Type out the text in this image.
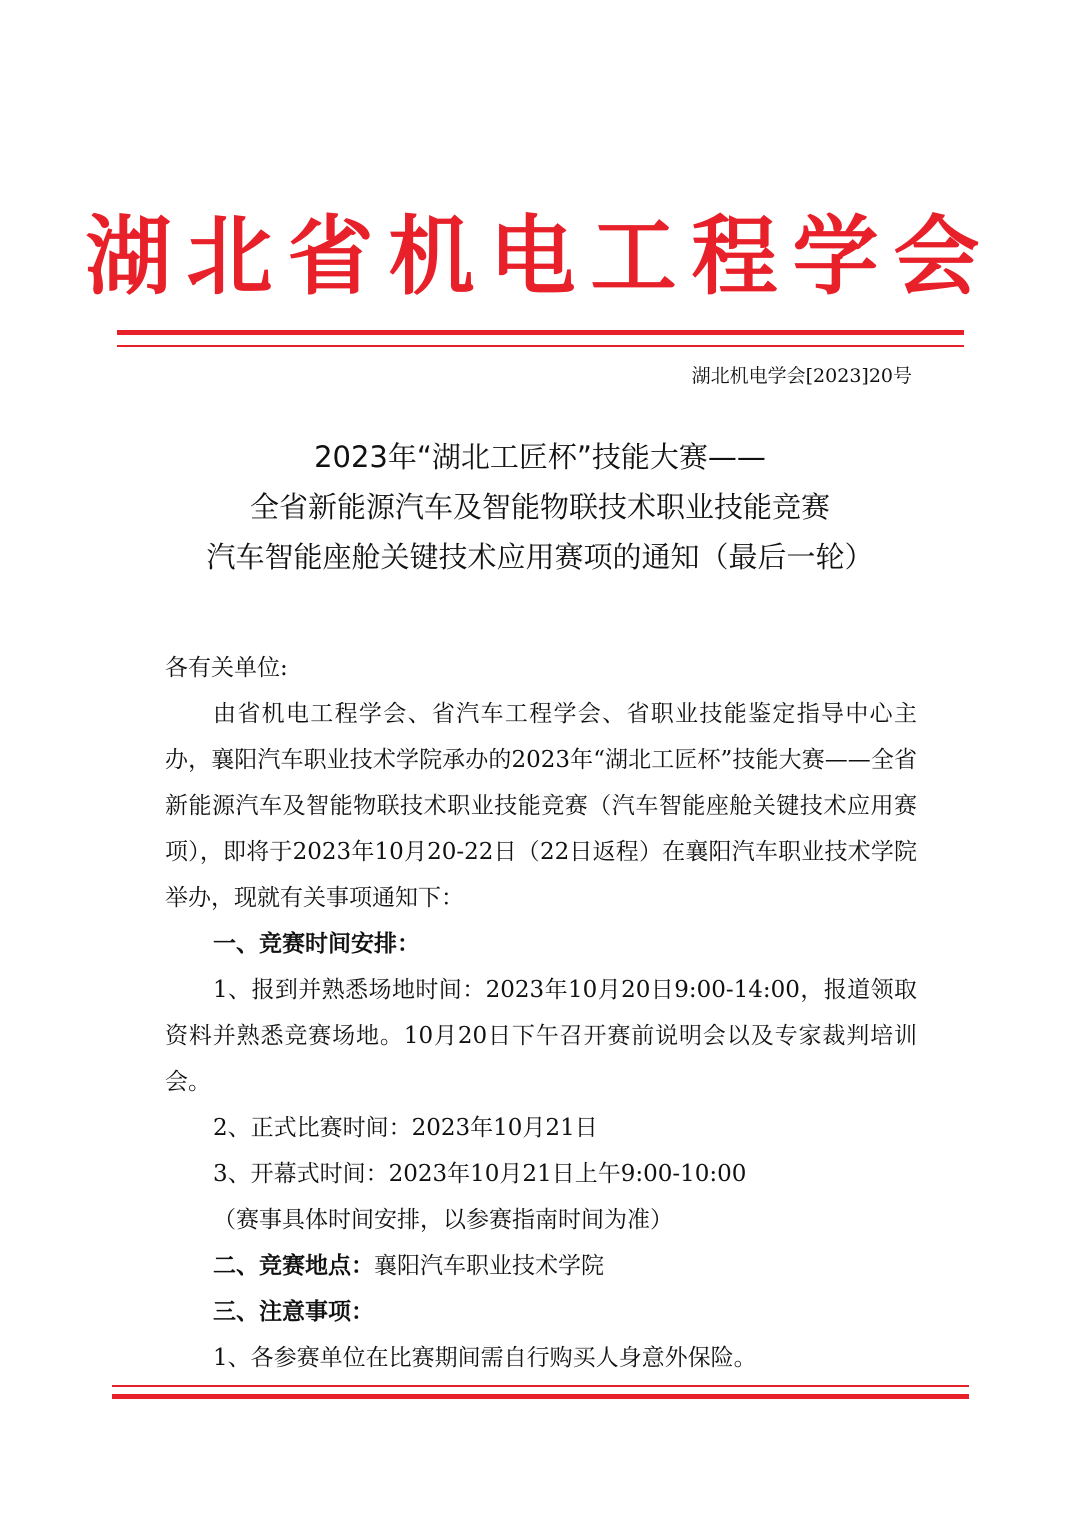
湖北省机电工程学会
湖北机电学会[2023]20号
2023年“湖北工匠杯”技能大赛——
全省新能源汽车及智能物联技术职业技能竞赛
汽车智能座舱关键技术应用赛项的通知（最后一轮）

各有关单位:

由省机电工程学会、省汽车工程学会、省职业技能鉴定指导中心主办，襄阳汽车职业技术学院承办的2023年“湖北工匠杯”技能大赛——全省新能源汽车及智能物联技术职业技能竞赛（汽车智能座舱关键技术应用赛项），即将于2023年10月20-22日（22日返程）在襄阳汽车职业技术学院举办，现就有关事项通知下：

一、竞赛时间安排：

1、报到并熟悉场地时间：2023年10月20日9:00-14:00，报道领取资料并熟悉竞赛场地。10月20日下午召开赛前说明会以及专家裁判培训会。

2、正式比赛时间：2023年10月21日

3、开幕式时间：2023年10月21日上午9:00-10:00

（赛事具体时间安排，以参赛指南时间为准）

二、竞赛地点：襄阳汽车职业技术学院

三、注意事项：

1、各参赛单位在比赛期间需自行购买人身意外保险。
